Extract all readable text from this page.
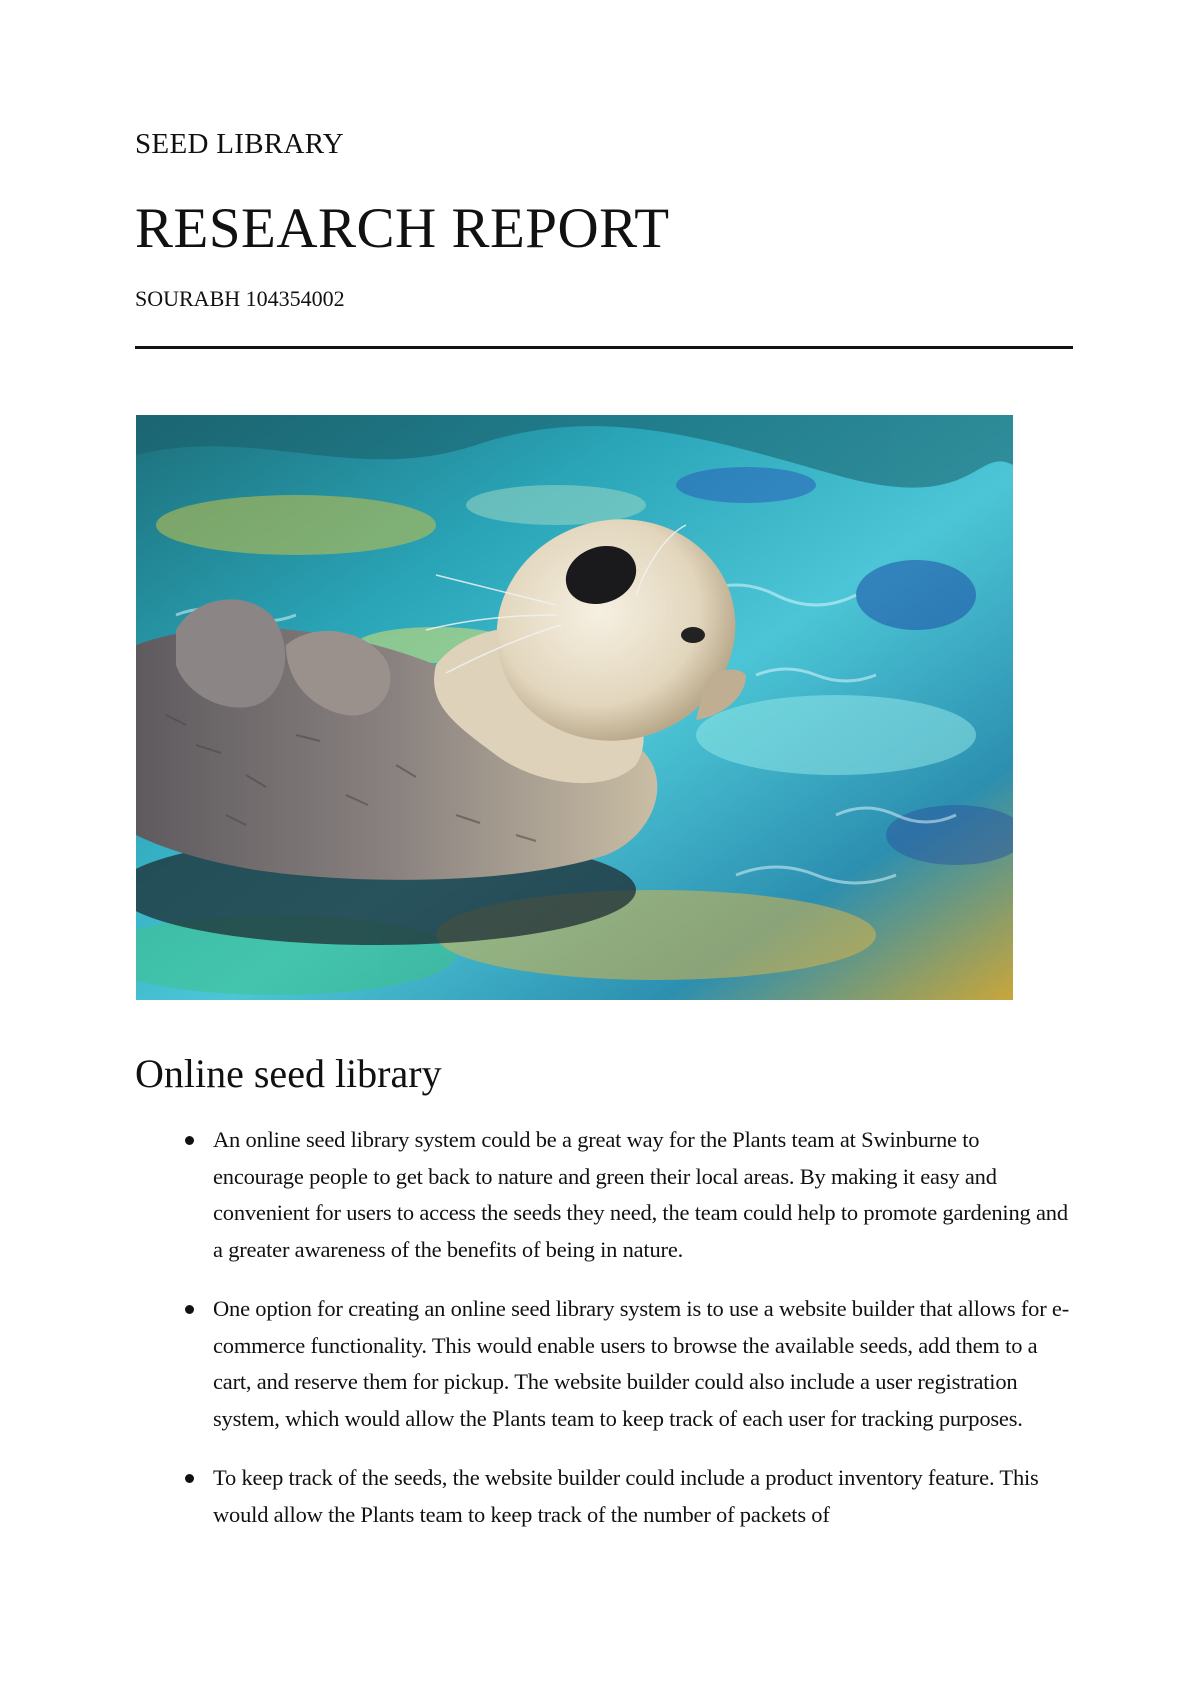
SEED LIBRARY
RESEARCH REPORT
SOURABH 104354002
Online seed library
An online seed library system could be a great way for the Plants team at Swinburne to encourage people to get back to nature and green their local areas. By making it easy and convenient for users to access the seeds they need, the team could help to promote gardening and a greater awareness of the benefits of being in nature.
One option for creating an online seed library system is to use a website builder that allows for e-commerce functionality. This would enable users to browse the available seeds, add them to a cart, and reserve them for pickup. The website builder could also include a user registration system, which would allow the Plants team to keep track of each user for tracking purposes.
To keep track of the seeds, the website builder could include a product inventory feature. This would allow the Plants team to keep track of the number of packets of
